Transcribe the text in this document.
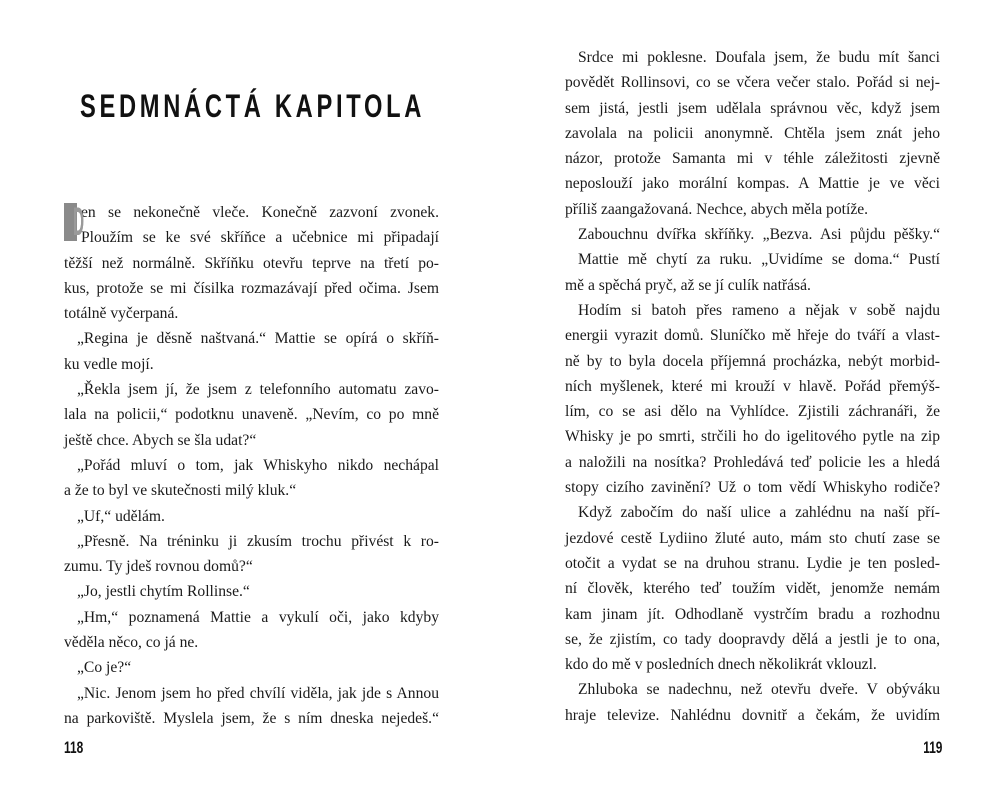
SEDMNÁCTÁ KAPITOLA
D
en se nekonečně vleče. Konečně zazvoní zvonek.
Ploužím se ke své skříňce a učebnice mi připadají
těžší než normálně. Skříňku otevřu teprve na třetí po-
kus, protože se mi čísilka rozmazávají před očima. Jsem
totálně vyčerpaná.
„Regina je děsně naštvaná.“ Mattie se opírá o skříň-
ku vedle mojí.
„Řekla jsem jí, že jsem z telefonního automatu zavo-
lala na policii,“ podotknu unaveně. „Nevím, co po mně
ještě chce. Abych se šla udat?“
„Pořád mluví o tom, jak Whiskyho nikdo nechápal
a že to byl ve skutečnosti milý kluk.“
„Uf,“ udělám.
„Přesně. Na tréninku ji zkusím trochu přivést k ro-
zumu. Ty jdeš rovnou domů?“
„Jo, jestli chytím Rollinse.“
„Hm,“ poznamená Mattie a vykulí oči, jako kdyby
věděla něco, co já ne.
„Co je?“
„Nic. Jenom jsem ho před chvílí viděla, jak jde s Annou
na parkoviště. Myslela jsem, že s ním dneska nejedeš.“
118
Srdce mi poklesne. Doufala jsem, že budu mít šanci
povědět Rollinsovi, co se včera večer stalo. Pořád si nej-
sem jistá, jestli jsem udělala správnou věc, když jsem
zavolala na policii anonymně. Chtěla jsem znát jeho
názor, protože Samanta mi v téhle záležitosti zjevně
neposlouží jako morální kompas. A Mattie je ve věci
příliš zaangažovaná. Nechce, abych měla potíže.
Zabouchnu dvířka skříňky. „Bezva. Asi půjdu pěšky.“
Mattie mě chytí za ruku. „Uvidíme se doma.“ Pustí
mě a spěchá pryč, až se jí culík natřásá.
Hodím si batoh přes rameno a nějak v sobě najdu
energii vyrazit domů. Sluníčko mě hřeje do tváří a vlast-
ně by to byla docela příjemná procházka, nebýt morbid-
ních myšlenek, které mi krouží v hlavě. Pořád přemýš-
lím, co se asi dělo na Vyhlídce. Zjistili záchranáři, že
Whisky je po smrti, strčili ho do igelitového pytle na zip
a naložili na nosítka? Prohledává teď policie les a hledá
stopy cizího zavinění? Už o tom vědí Whiskyho rodiče?
Když zabočím do naší ulice a zahlédnu na naší pří-
jezdové cestě Lydiino žluté auto, mám sto chutí zase se
otočit a vydat se na druhou stranu. Lydie je ten posled-
ní člověk, kterého teď toužím vidět, jenomže nemám
kam jinam jít. Odhodlaně vystrčím bradu a rozhodnu
se, že zjistím, co tady doopravdy dělá a jestli je to ona,
kdo do mě v posledních dnech několikrát vklouzl.
Zhluboka se nadechnu, než otevřu dveře. V obýváku
hraje televize. Nahlédnu dovnitř a čekám, že uvidím
119
